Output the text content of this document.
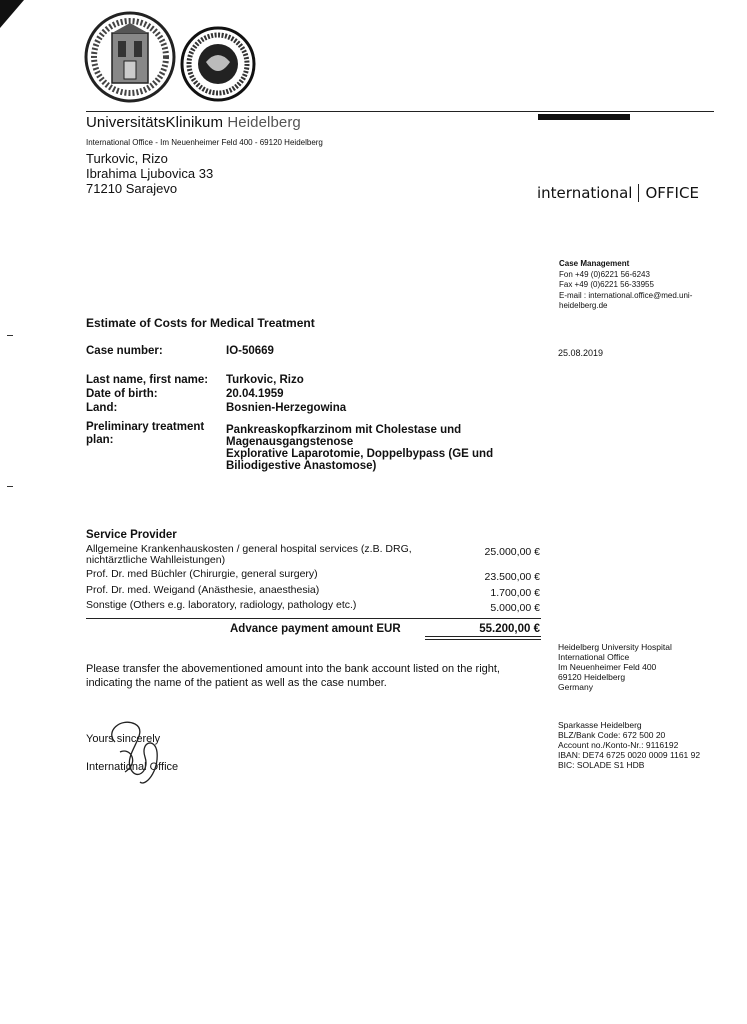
UniversitätsKlinikum Heidelberg
International Office - Im Neuenheimer Feld 400 - 69120 Heidelberg
Turkovic, Rizo
Ibrahima Ljubovica 33
71210 Sarajevo	international OFFICE
Case Management
Fon +49 (0)6221 56-6243
Fax +49 (0)6221 56-33955
E-mail : international.office@med.uni-
heidelberg.de
Estimate of Costs for Medical Treatment
Case number:	IO-50669	25.08.2019
Last name, first name: Turkovic, Rizo
Date of birth:	20.04.1959
Land:	Bosnien-Herzegowina
Preliminary treatment
plan:
Pankreaskopfkarzinom mit Cholestase und
Magenausgangstenose
Explorative Laparotomie, Doppelbypass (GE und
Biliodigestive Anastomose)
Service Provider
Allgemeine Krankenhauskosten / general hospital services (z.B. DRG,
nichtärztliche Wahlleistungen)
25.000,00 €
Prof. Dr. med Büchler (Chirurgie, general surgery)	23.500,00 €
Prof. Dr. med. Weigand (Anästhesie, anaesthesia)	1.700,00 €
Sonstige (Others e.g. laboratory, radiology, pathology etc.)	5.000,00 €
Advance payment amount EUR	55.200,00 €
Please transfer the abovementioned amount into the bank account listed on the right, indicating the name of the patient as well as the case number.
Heidelberg University Hospital
International Office
Im Neuenheimer Feld 400
69120 Heidelberg
Germany
Sparkasse Heidelberg
BLZ/Bank Code: 672 500 20
Account no./Konto-Nr.: 9116192
IBAN: DE74 6725 0020 0009 1161 92
BIC: SOLADE S1 HDB
Yours sincerely
International Office
